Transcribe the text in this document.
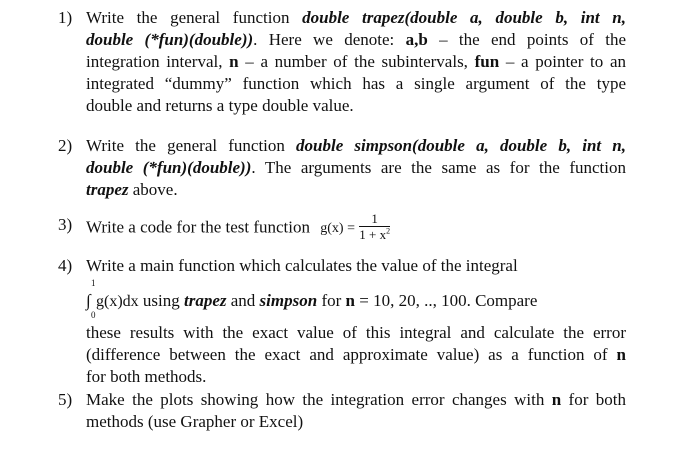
1) Write the general function double trapez(double a, double b, int n,
double (*fun)(double)). Here we denote: a,b – the end points of the
integration interval, n – a number of the subintervals, fun – a pointer to an
integrated “dummy” function which has a single argument of the type
double and returns a type double value.
2) Write the general function double simpson(double a, double b, int n,
double (*fun)(double)). The arguments are the same as for the function
trapez above.
3) Write a code for the test function $g(x) = \frac{1}{1 + x^2}$
4) Write a main function which calculates the value of the integral
1
∫
0
g(x)dx using trapez and simpson for n = 10, 20, .., 100. Compare
these results with the exact value of this integral and calculate the error
(difference between the exact and approximate value) as a function of n
for both methods.
5) Make the plots showing how the integration error changes with n for both
methods (use Grapher or Excel)
